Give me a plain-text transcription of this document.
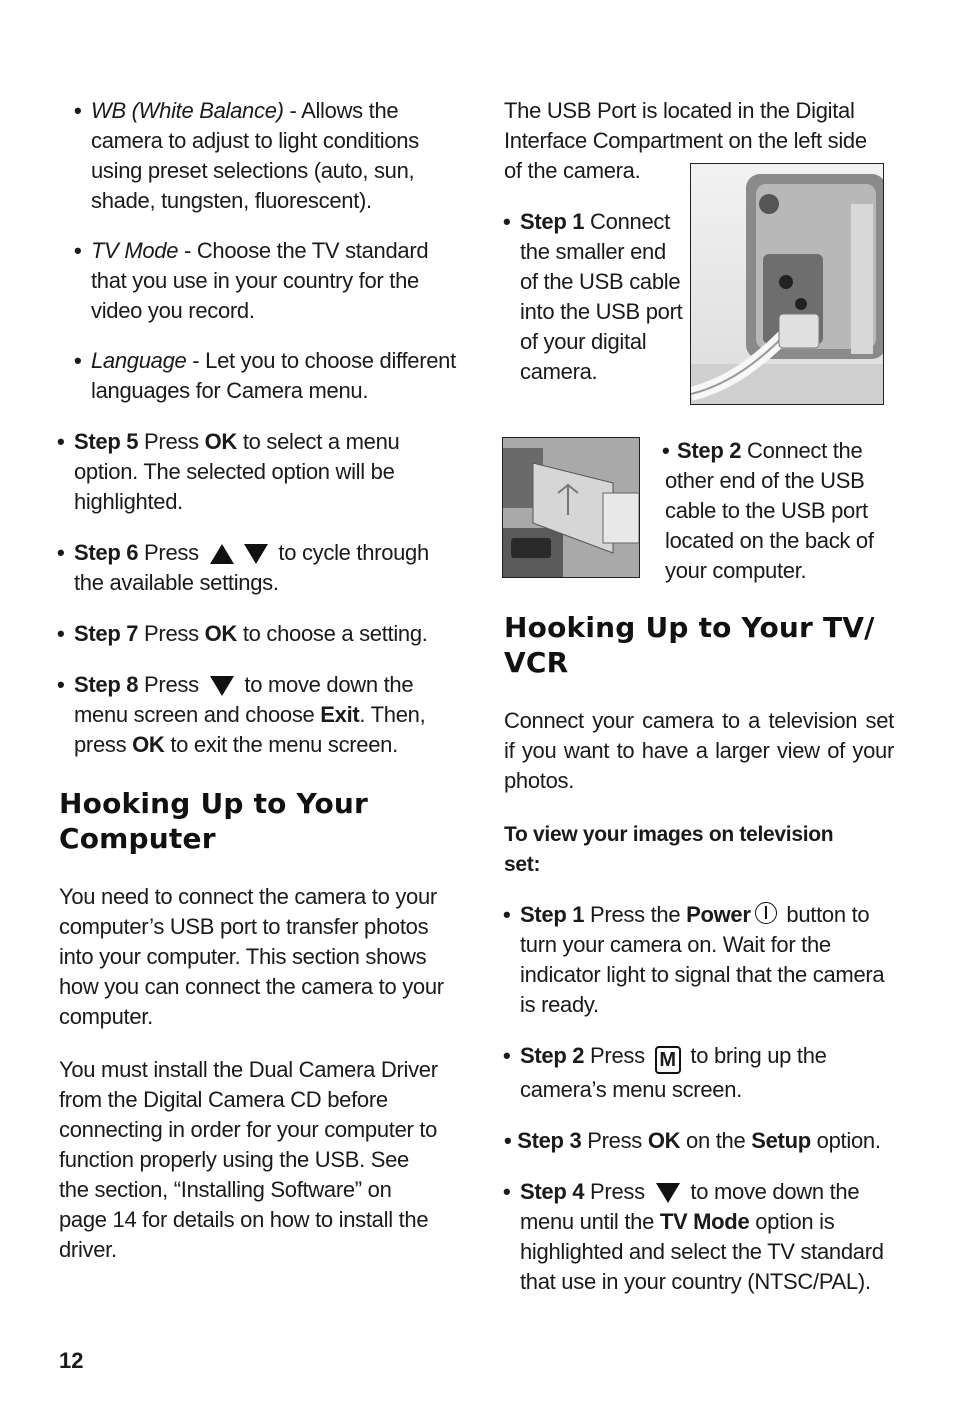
• WB (White Balance) - Allows the camera to adjust to light conditions using preset selections (auto, sun, shade, tungsten, fluorescent).
• TV Mode - Choose the TV standard that you use in your country for the video you record.
• Language - Let you to choose different languages for Camera menu.
• Step 5 Press OK to select a menu option. The selected option will be highlighted.
• Step 6 Press	to cycle through the available settings.
• Step 7 Press OK to choose a setting.
• Step 8 Press  to move down the menu screen and choose Exit. Then, press OK to exit the menu screen.
Hooking Up to Your Computer

You need to connect the camera to your computer’s USB port to transfer photos into your computer. This section shows how you can connect the camera to your computer.

You must install the Dual Camera Driver from the Digital Camera CD before connecting in order for your computer to function properly using the USB. See the section, “Installing Software” on page 14 for details on how to install the driver.

The USB Port is located in the Digital Interface Compartment on the left side of the camera.

• Step 1 Connect the smaller end of the USB cable into the USB port of your digital camera.
• Step 2 Connect the other end of the USB cable to the USB port located on the back of your computer.
Hooking Up to Your TV/ VCR

Connect your camera to a television set if you want to have a larger view of your photos.

To view your images on television set:

• Step 1 Press the Power button to turn your camera on. Wait for the indicator light to signal that the camera is ready.
• Step 2 Press M to bring up the camera’s menu screen.
• Step 3 Press OK on the Setup option.
• Step 4 Press  to move down the menu until the TV Mode option is highlighted and select the TV standard that use in your country (NTSC/PAL).
12
